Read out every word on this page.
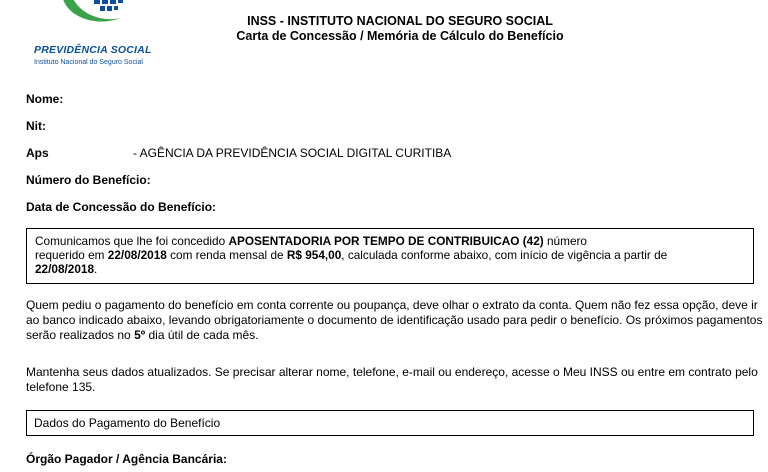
PREVIDÊNCIA SOCIAL
Instituto Nacional do Seguro Social
INSS - INSTITUTO NACIONAL DO SEGURO SOCIAL
Carta de Concessão / Memória de Cálculo do Benefício
Nome:
Nit:
Aps	- AGÊNCIA DA PREVIDÊNCIA SOCIAL DIGITAL CURITIBA
Número do Benefício:
Data de Concessão do Benefício:
Comunicamos que lhe foi concedido APOSENTADORIA POR TEMPO DE CONTRIBUICAO (42) número
requerido em 22/08/2018 com renda mensal de R$ 954,00, calculada conforme abaixo, com início de vigência a partir de
22/08/2018.
Quem pediu o pagamento do benefício em conta corrente ou poupança, deve olhar o extrato da conta. Quem não fez essa opção, deve ir ao banco indicado abaixo, levando obrigatoriamente o documento de identificação usado para pedir o benefício. Os próximos pagamentos serão realizados no 5º dia útil de cada mês.
Mantenha seus dados atualizados. Se precisar alterar nome, telefone, e-mail ou endereço, acesse o Meu INSS ou entre em contrato pelo telefone 135.
Dados do Pagamento do Benefício
Órgão Pagador / Agência Bancária:
